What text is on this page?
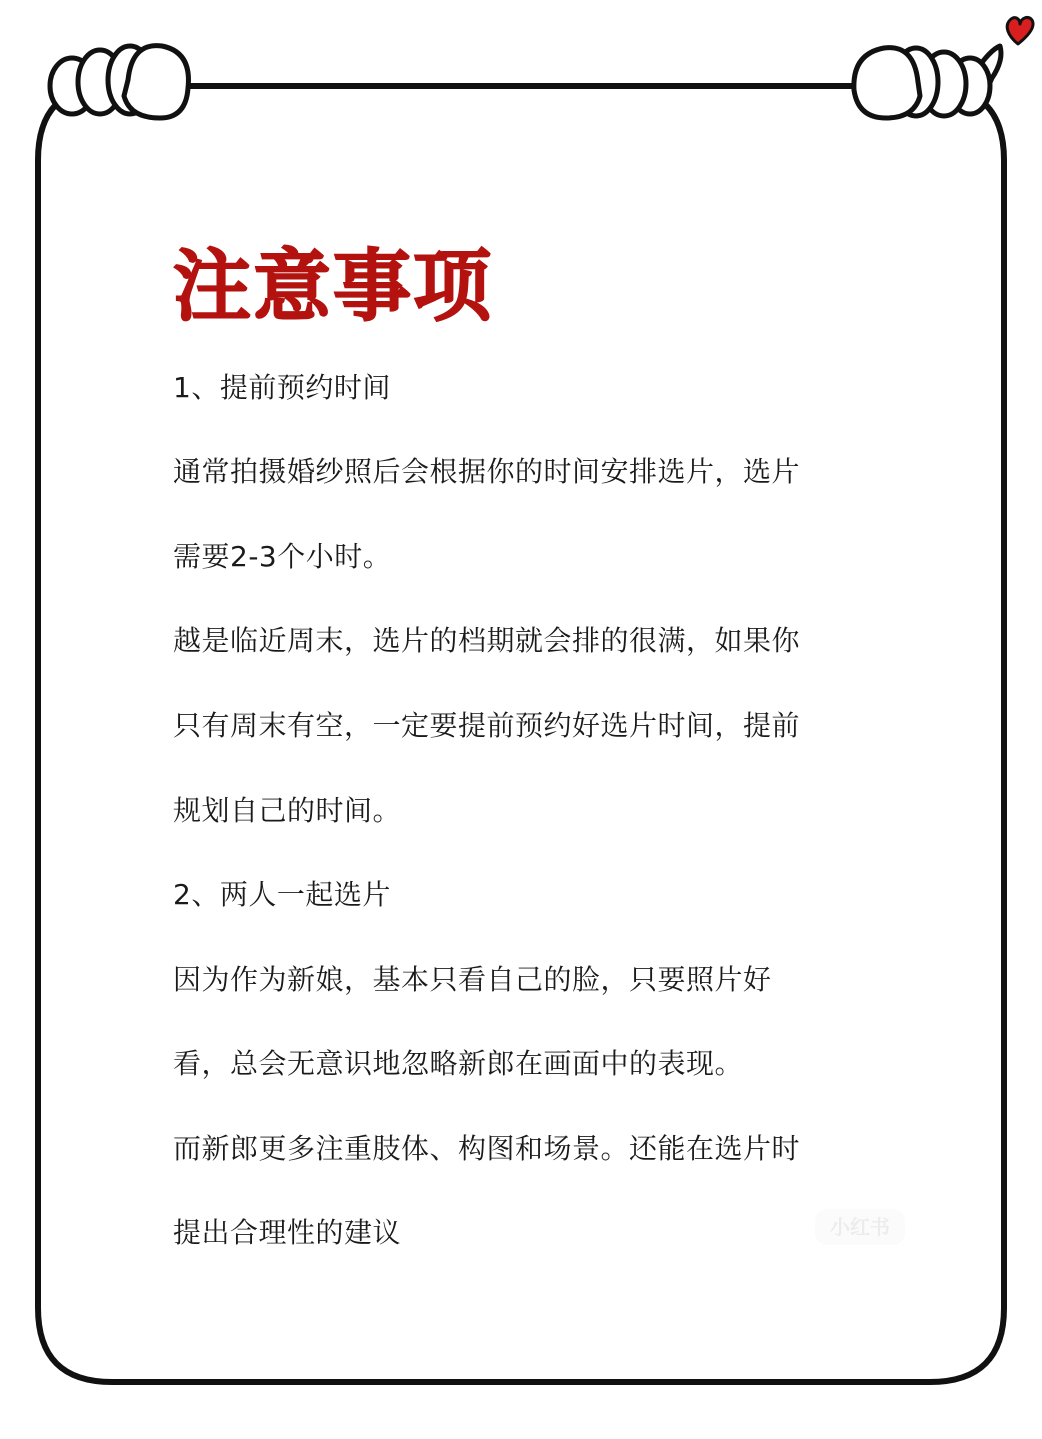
注意事项

1、提前预约时间

通常拍摄婚纱照后会根据你的时间安排选片，选片

需要2-3个小时。

越是临近周末，选片的档期就会排的很满，如果你

只有周末有空，一定要提前预约好选片时间，提前

规划自己的时间。

2、两人一起选片

因为作为新娘，基本只看自己的脸，只要照片好

看，总会无意识地忽略新郎在画面中的表现。

而新郎更多注重肢体、构图和场景。还能在选片时

提出合理性的建议	小红书
